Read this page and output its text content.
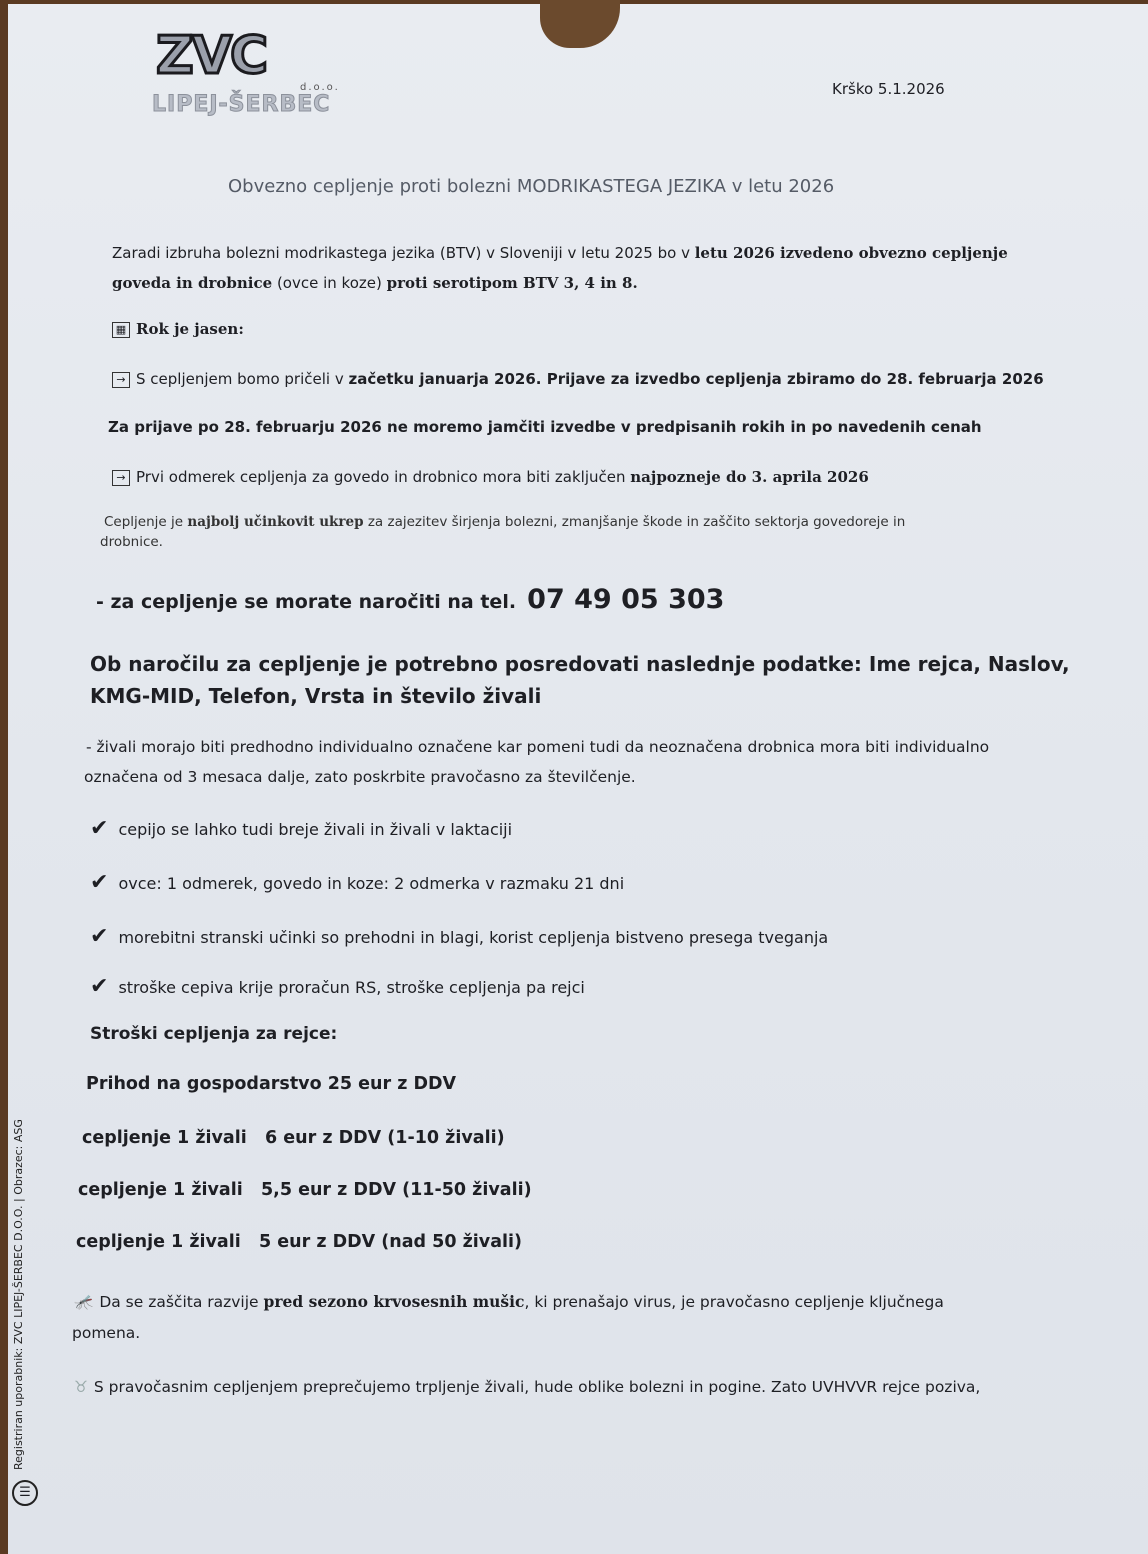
ZVC
d.o.o.
LIPEJ-ŠERBEC
Krško 5.1.2026
Obvezno cepljenje proti bolezni MODRIKASTEGA JEZIKA v letu 2026
Zaradi izbruha bolezni modrikastega jezika (BTV) v Sloveniji v letu 2025 bo v letu 2026 izvedeno obvezno cepljenje
goveda in drobnice (ovce in koze) proti serotipom BTV 3, 4 in 8.
▦ Rok je jasen:
→ S cepljenjem bomo pričeli v začetku januarja 2026. Prijave za izvedbo cepljenja zbiramo do 28. februarja 2026
Za prijave po 28. februarju 2026 ne moremo jamčiti izvedbe v predpisanih rokih in po navedenih cenah
→ Prvi odmerek cepljenja za govedo in drobnico mora biti zaključen najpozneje do 3. aprila 2026
Cepljenje je najbolj učinkovit ukrep za zajezitev širjenja bolezni, zmanjšanje škode in zaščito sektorja govedoreje in
drobnice.
- za cepljenje se morate naročiti na tel. 07 49 05 303
Ob naročilu za cepljenje je potrebno posredovati naslednje podatke: Ime rejca, Naslov,
KMG-MID, Telefon, Vrsta in število živali
- živali morajo biti predhodno individualno označene kar pomeni tudi da neoznačena drobnica mora biti individualno
označena od 3 mesaca dalje, zato poskrbite pravočasno za številčenje.
✔ cepijo se lahko tudi breje živali in živali v laktaciji
✔ ovce: 1 odmerek, govedo in koze: 2 odmerka v razmaku 21 dni
✔ morebitni stranski učinki so prehodni in blagi, korist cepljenja bistveno presega tveganja
✔ stroške cepiva krije proračun RS, stroške cepljenja pa rejci
Stroški cepljenja za rejce:
Prihod na gospodarstvo 25 eur z DDV
cepljenje 1 živali   6 eur z DDV (1-10 živali)
cepljenje 1 živali   5,5 eur z DDV (11-50 živali)
cepljenje 1 živali   5 eur z DDV (nad 50 živali)
🦟 Da se zaščita razvije pred sezono krvosesnih mušic, ki prenašajo virus, je pravočasno cepljenje ključnega
pomena.
♉ S pravočasnim cepljenjem preprečujemo trpljenje živali, hude oblike bolezni in pogine. Zato UVHVVR rejce poziva,
Registriran uporabnik: ZVC LIPEJ-ŠERBEC D.O.O. | Obrazec: ASG
☰
